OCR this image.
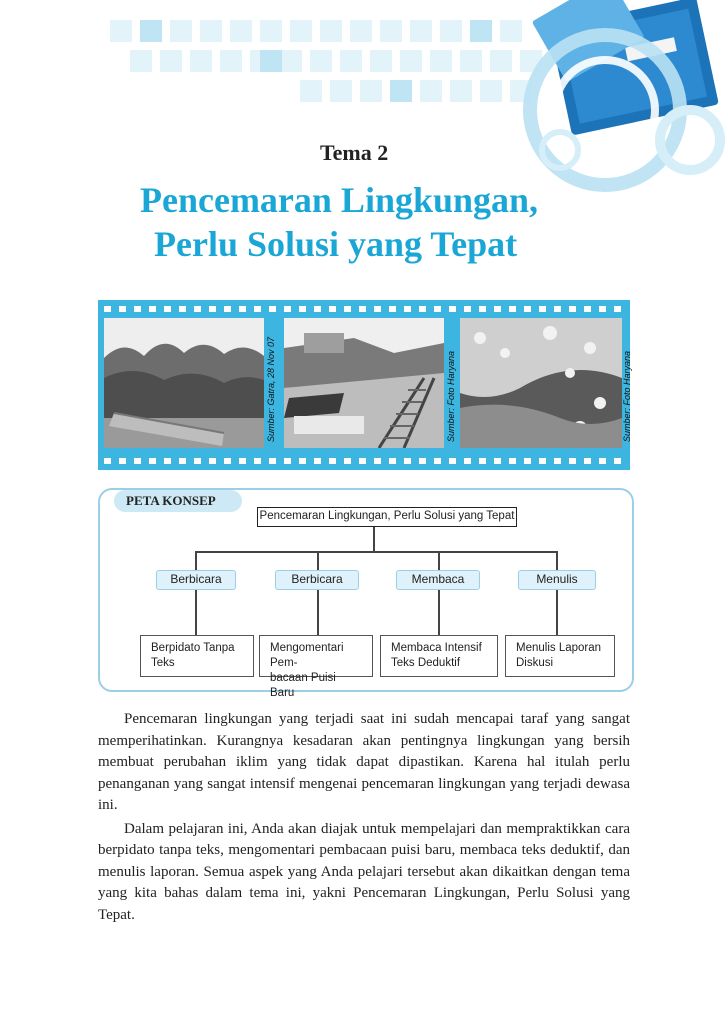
Tema 2
Pencemaran Lingkungan,
Perlu Solusi yang Tepat
Sumber: Gatra, 28 Nov 07	Sumber: Foto Haryana	Sumber: Foto Haryana
PETA KONSEP
Pencemaran Lingkungan, Perlu Solusi yang Tepat
Berbicara	Berbicara	Membaca	Menulis
Berpidato Tanpa
Teks
Mengomentari Pem-
bacaan Puisi Baru
Membaca Intensif
Teks Deduktif
Menulis Laporan
Diskusi

Pencemaran lingkungan yang terjadi saat ini sudah mencapai taraf yang sangat memperihatinkan. Kurangnya kesadaran akan pentingnya lingkungan yang bersih membuat perubahan iklim yang tidak dapat dipastikan. Karena hal itulah perlu penanganan yang sangat intensif mengenai pencemaran lingkungan yang terjadi dewasa ini.

Dalam pelajaran ini, Anda akan diajak untuk mempelajari dan mempraktikkan cara berpidato tanpa teks, mengomentari pembacaan puisi baru, membaca teks deduktif, dan menulis laporan. Semua aspek yang Anda pelajari tersebut akan dikaitkan dengan tema yang kita bahas dalam tema ini, yakni Pencemaran Lingkungan, Perlu Solusi yang Tepat.
